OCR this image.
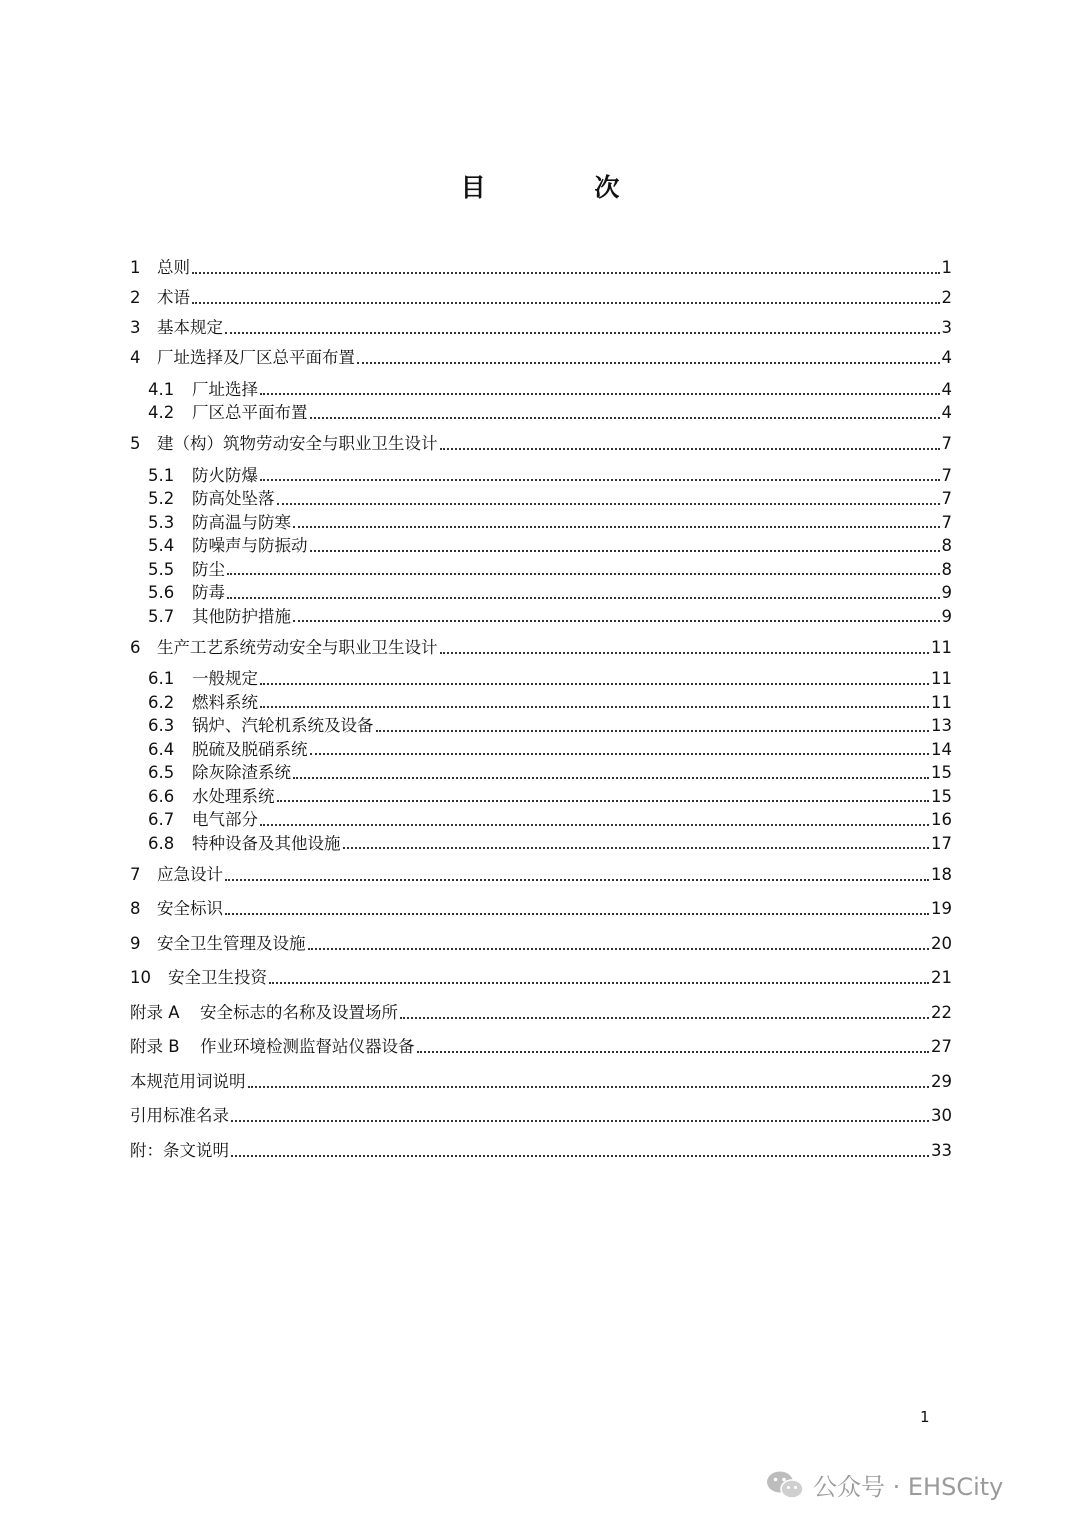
目 次
1	总则	1
2	术语	2
3	基本规定	3
4	厂址选择及厂区总平面布置	4
4.1	厂址选择	4
4.2	厂区总平面布置	4
5	建（构）筑物劳动安全与职业卫生设计	7
5.1	防火防爆	7
5.2	防高处坠落	7
5.3	防高温与防寒	7
5.4	防噪声与防振动	8
5.5	防尘	8
5.6	防毒	9
5.7	其他防护措施	9
6	生产工艺系统劳动安全与职业卫生设计	11
6.1	一般规定	11
6.2	燃料系统	11
6.3	锅炉、汽轮机系统及设备	13
6.4	脱硫及脱硝系统	14
6.5	除灰除渣系统	15
6.6	水处理系统	15
6.7	电气部分	16
6.8	特种设备及其他设施	17
7	应急设计	18
8	安全标识	19
9	安全卫生管理及设施	20
10	安全卫生投资	21
附录 A	安全标志的名称及设置场所	22
附录 B	作业环境检测监督站仪器设备	27
本规范用词说明	29
引用标准名录	30
附：条文说明	33
1
公众号 · EHSCity
